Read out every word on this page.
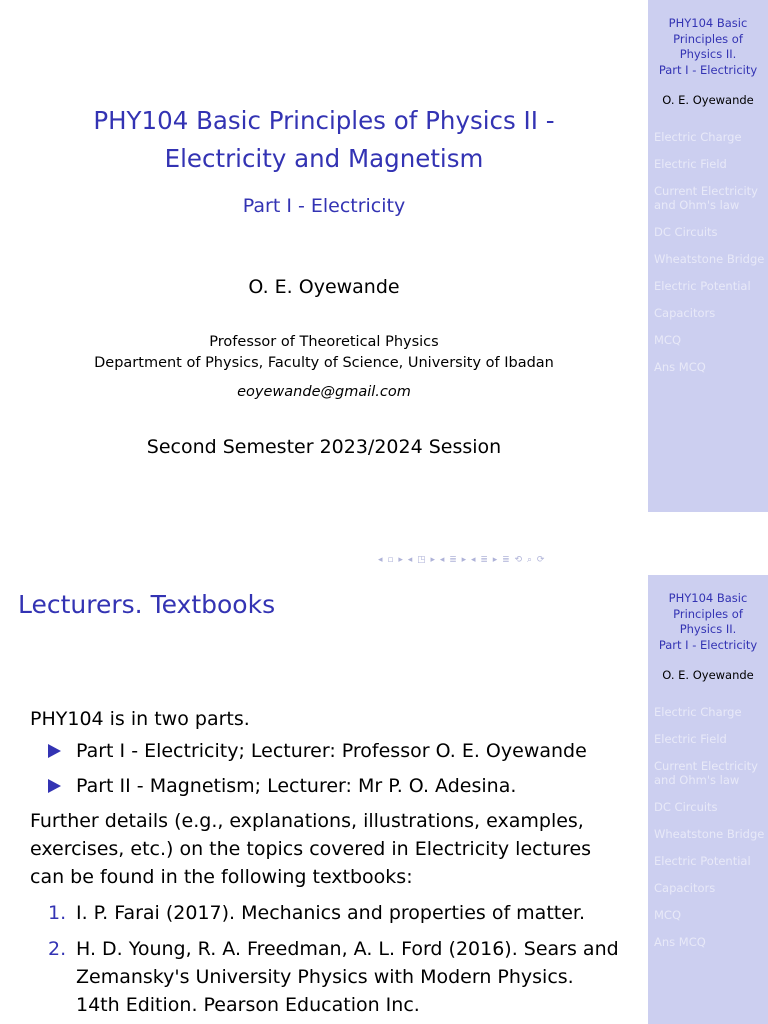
PHY104 Basic Principles of Physics II -
Electricity and Magnetism
Part I - Electricity
O. E. Oyewande
Professor of Theoretical Physics
Department of Physics, Faculty of Science, University of Ibadan
eoyewande@gmail.com
Second Semester 2023/2024 Session
PHY104 Basic
Principles of
Physics II.
Part I - Electricity
O. E. Oyewande
Electric Charge
Electric Field
Current Electricity and Ohm's law
DC Circuits
Wheatstone Bridge
Electric Potential
Capacitors
MCQ
Ans MCQ
◂ ▫ ▸ ◂ ◳ ▸ ◂ ≣ ▸ ◂ ≣ ▸ ≣ ⟲ ⌕ ⟳
Lecturers. Textbooks

PHY104 is in two parts.

Part I - Electricity; Lecturer: Professor O. E. Oyewande
Part II - Magnetism; Lecturer: Mr P. O. Adesina.

Further details (e.g., explanations, illustrations, examples, exercises, etc.) on the topics covered in Electricity lectures can be found in the following textbooks:

1. I. P. Farai (2017). Mechanics and properties of matter.
2. H. D. Young, R. A. Freedman, A. L. Ford (2016). Sears and Zemansky's University Physics with Modern Physics. 14th Edition. Pearson Education Inc.
PHY104 Basic
Principles of
Physics II.
Part I - Electricity
O. E. Oyewande
Electric Charge
Electric Field
Current Electricity and Ohm's law
DC Circuits
Wheatstone Bridge
Electric Potential
Capacitors
MCQ
Ans MCQ
